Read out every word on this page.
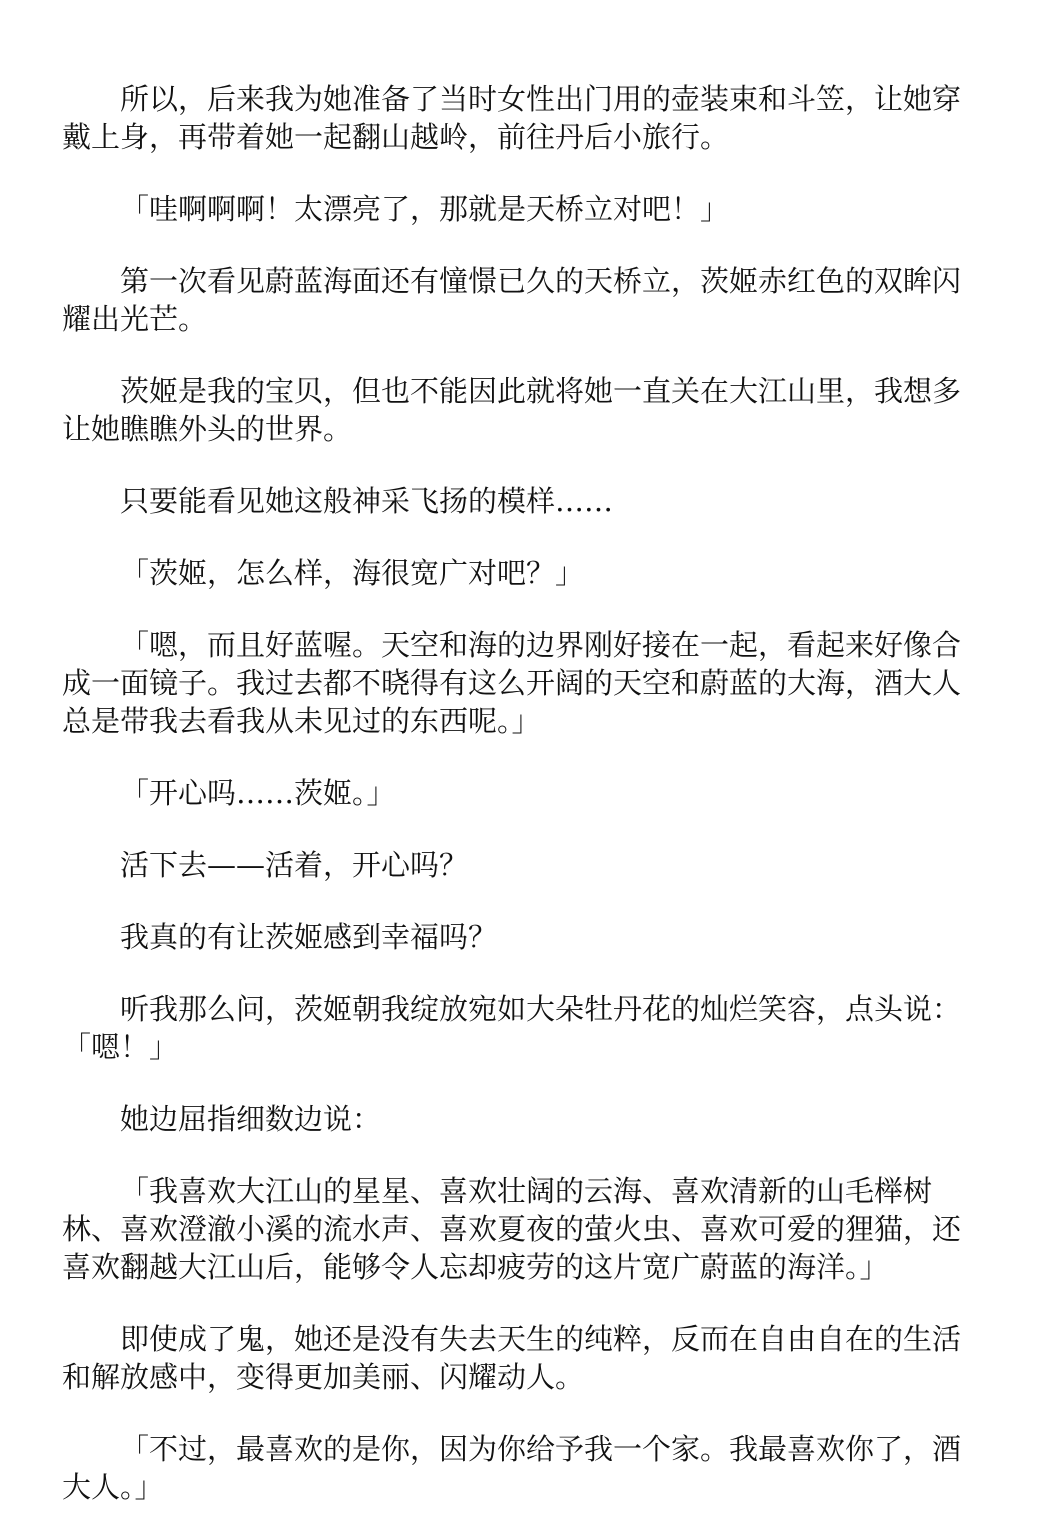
所以，后来我为她准备了当时女性出门用的壶装束和斗笠，让她穿戴上身，再带着她一起翻山越岭，前往丹后小旅行。

「哇啊啊啊！太漂亮了，那就是天桥立对吧！」

第一次看见蔚蓝海面还有憧憬已久的天桥立，茨姬赤红色的双眸闪耀出光芒。

茨姬是我的宝贝，但也不能因此就将她一直关在大江山里，我想多让她瞧瞧外头的世界。

只要能看见她这般神采飞扬的模样……

「茨姬，怎么样，海很宽广对吧？」

「嗯，而且好蓝喔。天空和海的边界刚好接在一起，看起来好像合成一面镜子。我过去都不晓得有这么开阔的天空和蔚蓝的大海，酒大人总是带我去看我从未见过的东西呢。」

「开心吗……茨姬。」

活下去——活着，开心吗？

我真的有让茨姬感到幸福吗？

听我那么问，茨姬朝我绽放宛如大朵牡丹花的灿烂笑容，点头说：「嗯！」

她边屈指细数边说：

「我喜欢大江山的星星、喜欢壮阔的云海、喜欢清新的山毛榉树林、喜欢澄澈小溪的流水声、喜欢夏夜的萤火虫、喜欢可爱的狸猫，还喜欢翻越大江山后，能够令人忘却疲劳的这片宽广蔚蓝的海洋。」

即使成了鬼，她还是没有失去天生的纯粹，反而在自由自在的生活和解放感中，变得更加美丽、闪耀动人。

「不过，最喜欢的是你，因为你给予我一个家。我最喜欢你了，酒大人。」
